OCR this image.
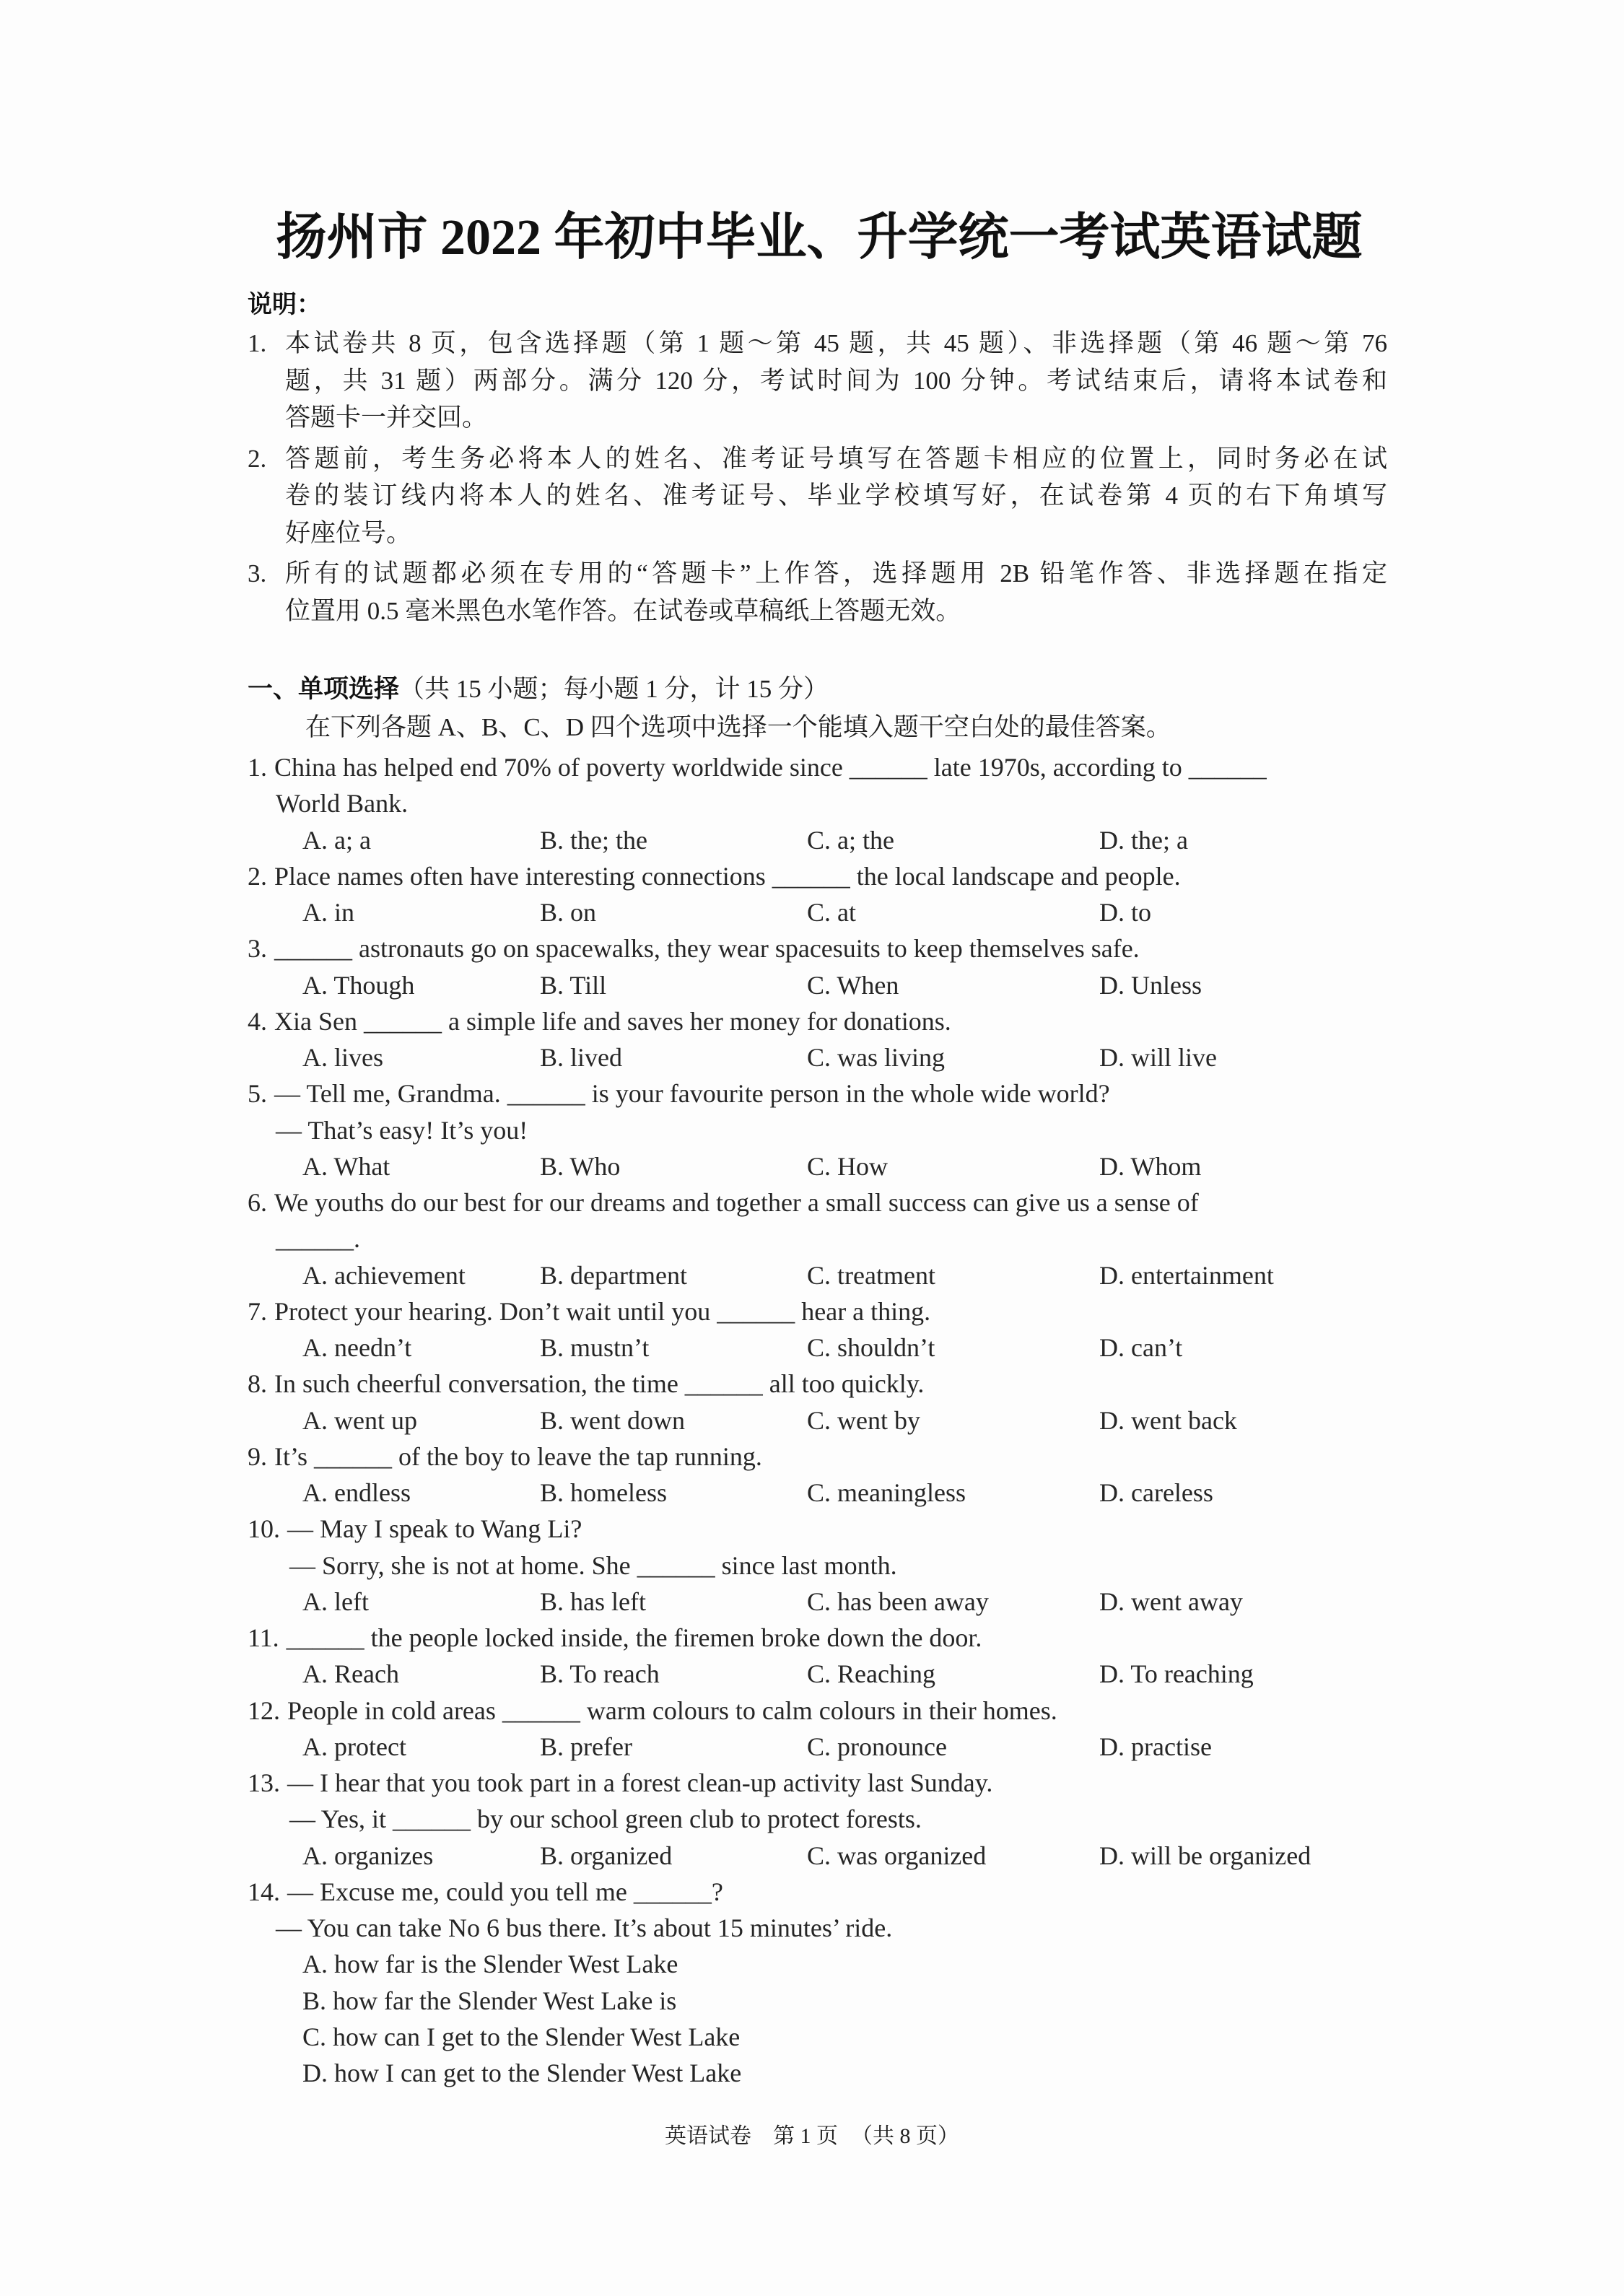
扬州市 2022 年初中毕业、升学统一考试英语试题
说明：
1. 本试卷共 8 页，包含选择题（第 1 题～第 45 题，共 45 题）、非选择题（第 46 题～第 76
题，共 31 题）两部分。满分 120 分，考试时间为 100 分钟。考试结束后，请将本试卷和
答题卡一并交回。
2. 答题前，考生务必将本人的姓名、准考证号填写在答题卡相应的位置上，同时务必在试
卷的装订线内将本人的姓名、准考证号、毕业学校填写好，在试卷第 4 页的右下角填写
好座位号。
3. 所有的试题都必须在专用的“答题卡”上作答，选择题用 2B 铅笔作答、非选择题在指定
位置用 0.5 毫米黑色水笔作答。在试卷或草稿纸上答题无效。
一、单项选择（共 15 小题；每小题 1 分，计 15 分）
在下列各题 A、B、C、D 四个选项中选择一个能填入题干空白处的最佳答案。
1. China has helped end 70% of poverty worldwide since ______ late 1970s, according to ______
World Bank.
A. a; a	B. the; the	C. a; the	D. the; a
2. Place names often have interesting connections ______ the local landscape and people.
A. in	B. on	C. at	D. to
3. ______ astronauts go on spacewalks, they wear spacesuits to keep themselves safe.
A. Though	B. Till	C. When	D. Unless
4. Xia Sen ______ a simple life and saves her money for donations.
A. lives	B. lived	C. was living	D. will live
5. — Tell me, Grandma. ______ is your favourite person in the whole wide world?
— That’s easy! It’s you!
A. What	B. Who	C. How	D. Whom
6. We youths do our best for our dreams and together a small success can give us a sense of
______.
A. achievement	B. department	C. treatment	D. entertainment
7. Protect your hearing. Don’t wait until you ______ hear a thing.
A. needn’t	B. mustn’t	C. shouldn’t	D. can’t
8. In such cheerful conversation, the time ______ all too quickly.
A. went up	B. went down	C. went by	D. went back
9. It’s ______ of the boy to leave the tap running.
A. endless	B. homeless	C. meaningless	D. careless
10. — May I speak to Wang Li?
— Sorry, she is not at home. She ______ since last month.
A. left	B. has left	C. has been away	D. went away
11. ______ the people locked inside, the firemen broke down the door.
A. Reach	B. To reach	C. Reaching	D. To reaching
12. People in cold areas ______ warm colours to calm colours in their homes.
A. protect	B. prefer	C. pronounce	D. practise
13. — I hear that you took part in a forest clean-up activity last Sunday.
— Yes, it ______ by our school green club to protect forests.
A. organizes	B. organized	C. was organized	D. will be organized
14. — Excuse me, could you tell me ______?
— You can take No 6 bus there. It’s about 15 minutes’ ride.
A. how far is the Slender West Lake
B. how far the Slender West Lake is
C. how can I get to the Slender West Lake
D. how I can get to the Slender West Lake
英语试卷 第 1 页 （共 8 页）
